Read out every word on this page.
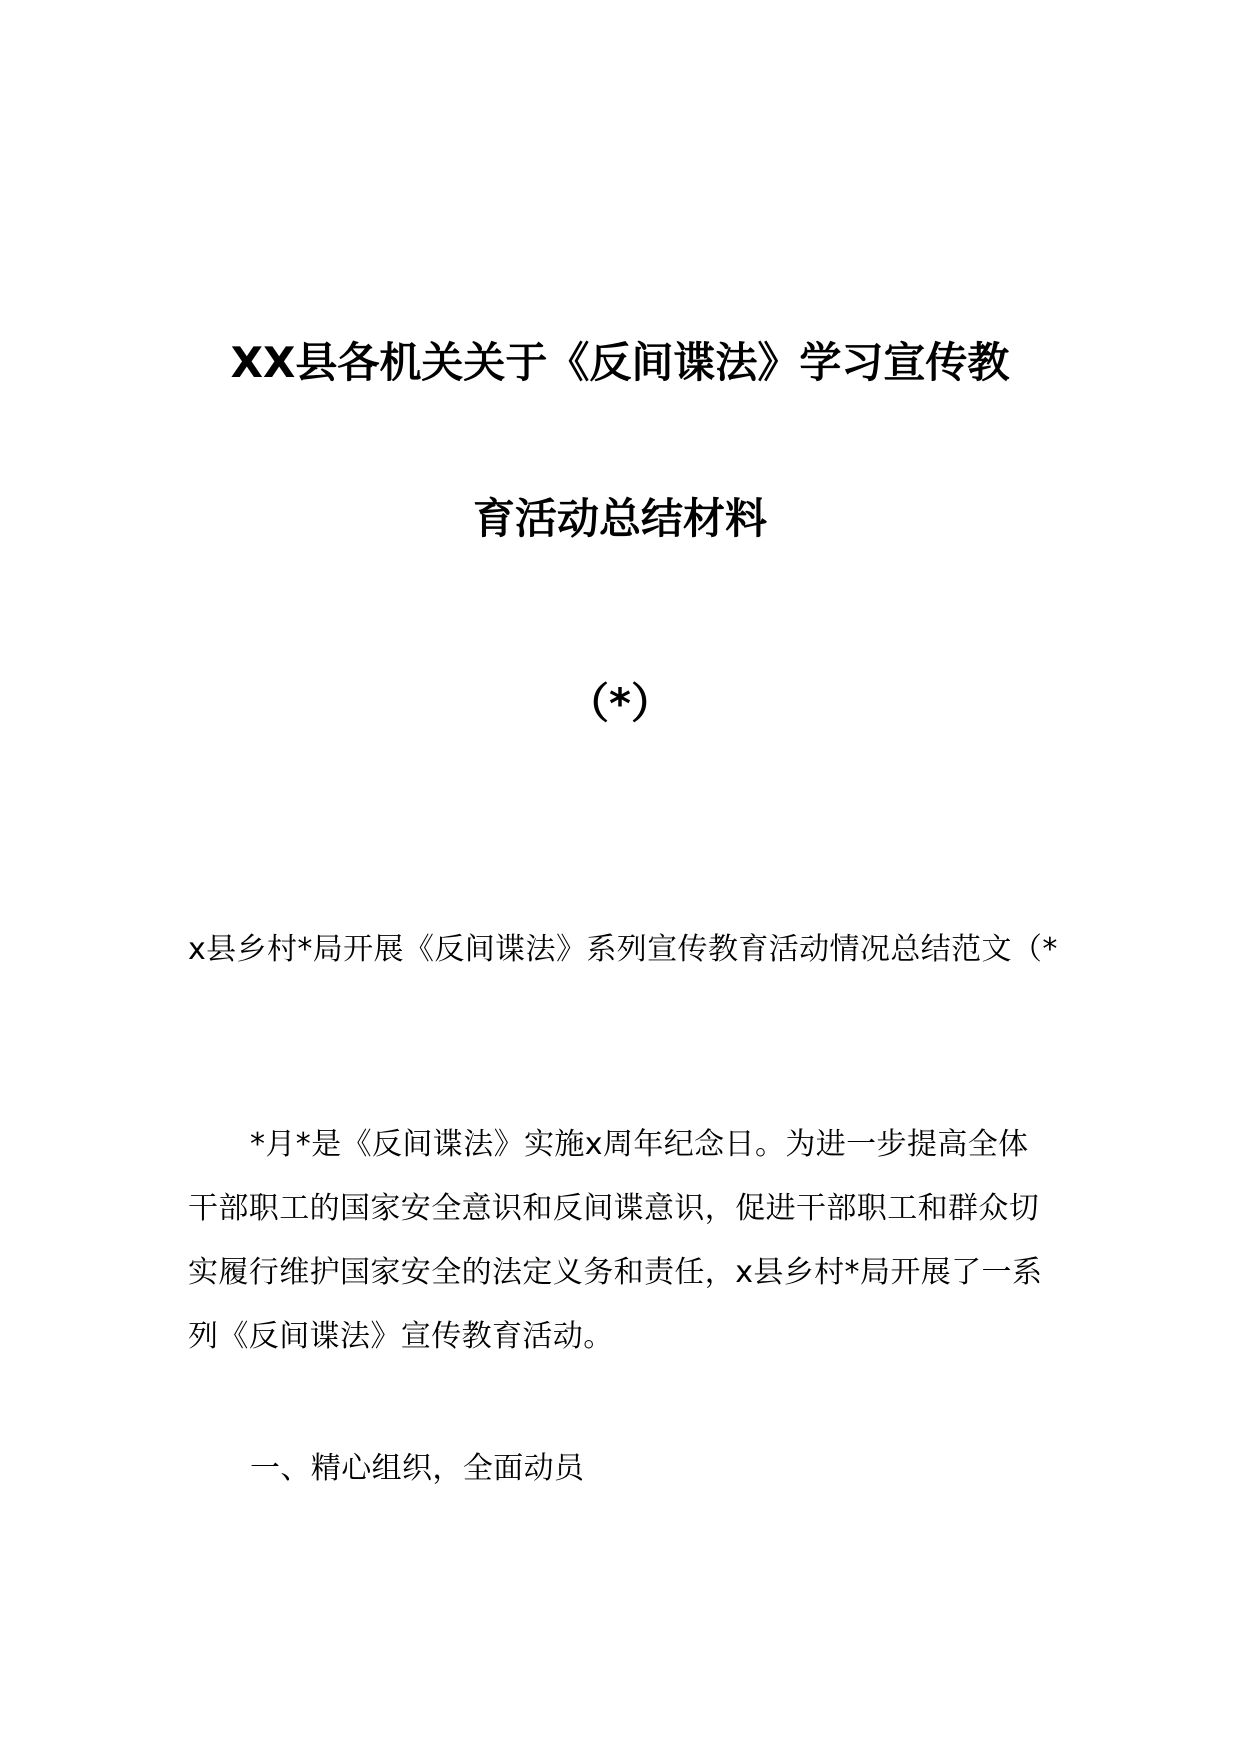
XX县各机关关于《反间谍法》学习宣传教
育活动总结材料
（*）
x县乡村*局开展《反间谍法》系列宣传教育活动情况总结范文（*
*月*是《反间谍法》实施x周年纪念日。为进一步提高全体干部职工的国家安全意识和反间谍意识，促进干部职工和群众切实履行维护国家安全的法定义务和责任，x县乡村*局开展了一系列《反间谍法》宣传教育活动。
一、精心组织，全面动员
